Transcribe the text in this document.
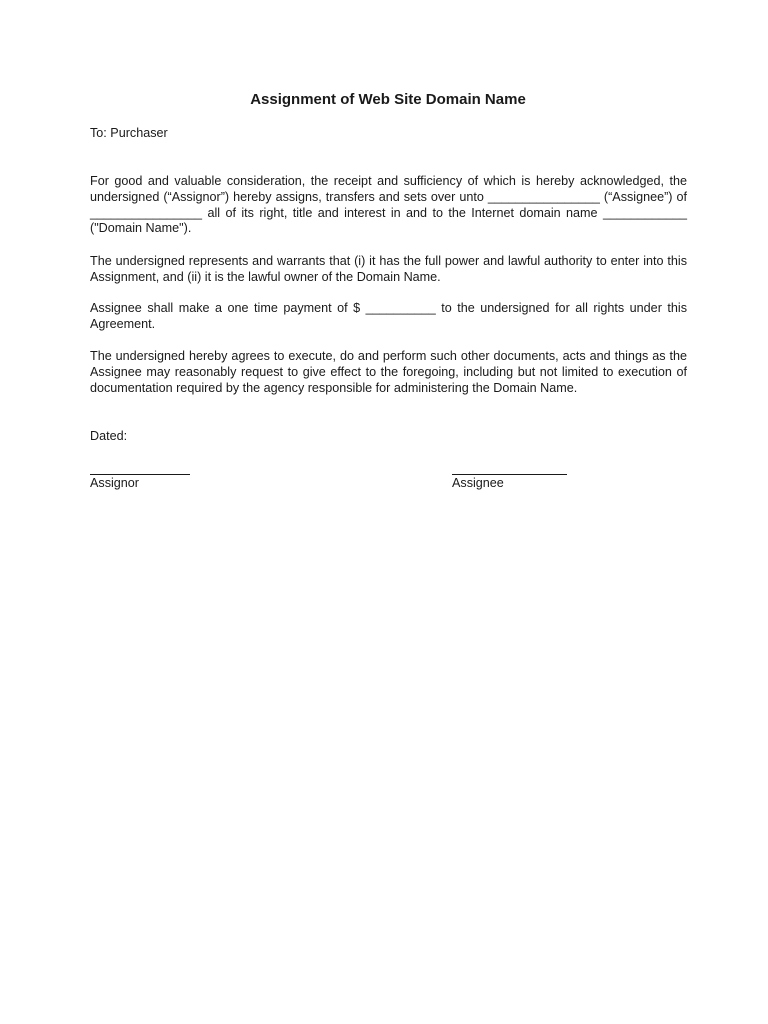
Assignment of Web Site Domain Name

To: Purchaser

For good and valuable consideration, the receipt and sufficiency of which is hereby acknowledged, the undersigned (“Assignor”) hereby assigns, transfers and sets over unto ________________ (“Assignee”) of ________________ all of its right, title and interest in and to the Internet domain name ____________ ("Domain Name").

The undersigned represents and warrants that (i) it has the full power and lawful authority to enter into this Assignment, and (ii) it is the lawful owner of the Domain Name.

Assignee shall make a one time payment of $ __________ to the undersigned for all rights under this Agreement.

The undersigned hereby agrees to execute, do and perform such other documents, acts and things as the Assignee may reasonably request to give effect to the foregoing, including but not limited to execution of documentation required by the agency responsible for administering the Domain Name.

Dated:

Assignor	Assignee
